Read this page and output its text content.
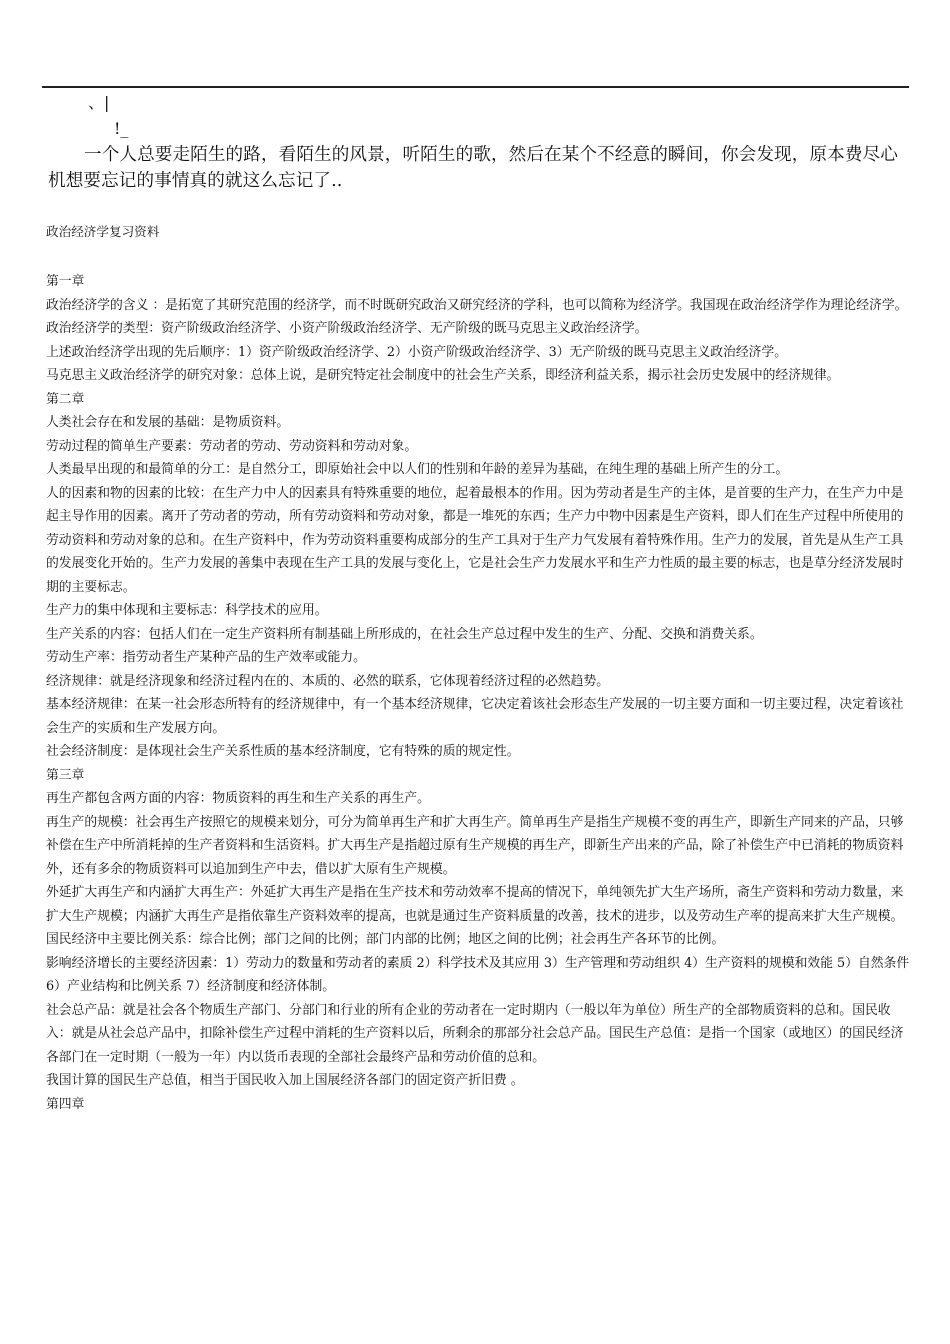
、|
!_

一个人总要走陌生的路，看陌生的风景，听陌生的歌，然后在某个不经意的瞬间，你会发现，原本费尽心机想要忘记的事情真的就这么忘记了..

政治经济学复习资料

第一章

政治经济学的含义 ：是拓宽了其研究范围的经济学，而不时既研究政治又研究经济的学科，也可以简称为经济学。我国现在政治经济学作为理论经济学。

政治经济学的类型：资产阶级政治经济学、小资产阶级政治经济学、无产阶级的既马克思主义政治经济学。

上述政治经济学出现的先后顺序：1）资产阶级政治经济学、2）小资产阶级政治经济学、3）无产阶级的既马克思主义政治经济学。

马克思主义政治经济学的研究对象：总体上说，是研究特定社会制度中的社会生产关系，即经济利益关系，揭示社会历史发展中的经济规律。

第二章

人类社会存在和发展的基础：是物质资料。

劳动过程的简单生产要素：劳动者的劳动、劳动资料和劳动对象。

人类最早出现的和最简单的分工：是自然分工，即原始社会中以人们的性别和年龄的差异为基础，在纯生理的基础上所产生的分工。

人的因素和物的因素的比较：在生产力中人的因素具有特殊重要的地位，起着最根本的作用。因为劳动者是生产的主体，是首要的生产力，在生产力中是起主导作用的因素。离开了劳动者的劳动，所有劳动资料和劳动对象，都是一堆死的东西；生产力中物中因素是生产资料，即人们在生产过程中所使用的劳动资料和劳动对象的总和。在生产资料中，作为劳动资料重要构成部分的生产工具对于生产力气发展有着特殊作用。生产力的发展，首先是从生产工具的发展变化开始的。生产力发展的善集中表现在生产工具的发展与变化上，它是社会生产力发展水平和生产力性质的最主要的标志，也是草分经济发展时期的主要标志。

生产力的集中体现和主要标志：科学技术的应用。

生产关系的内容：包括人们在一定生产资料所有制基础上所形成的，在社会生产总过程中发生的生产、分配、交换和消费关系。

劳动生产率：指劳动者生产某种产品的生产效率或能力。

经济规律：就是经济现象和经济过程内在的、本质的、必然的联系，它体现着经济过程的必然趋势。

基本经济规律：在某一社会形态所特有的经济规律中，有一个基本经济规律，它决定着该社会形态生产发展的一切主要方面和一切主要过程，决定着该社会生产的实质和生产发展方向。

社会经济制度：是体现社会生产关系性质的基本经济制度，它有特殊的质的规定性。

第三章

再生产都包含两方面的内容：物质资料的再生和生产关系的再生产。

再生产的规模：社会再生产按照它的规模来划分，可分为简单再生产和扩大再生产。简单再生产是指生产规模不变的再生产，即新生产同来的产品，只够补偿在生产中所消耗掉的生产者资料和生活资料。扩大再生产是指超过原有生产规模的再生产，即新生产出来的产品，除了补偿生产中已消耗的物质资料外，还有多余的物质资料可以追加到生产中去，借以扩大原有生产规模。

外延扩大再生产和内涵扩大再生产：外延扩大再生产是指在生产技术和劳动效率不提高的情况下，单纯领先扩大生产场所，斋生产资料和劳动力数量，来扩大生产规模；内涵扩大再生产是指依靠生产资料效率的提高，也就是通过生产资料质量的改善，技术的进步，以及劳动生产率的提高来扩大生产规模。

国民经济中主要比例关系：综合比例；部门之间的比例；部门内部的比例；地区之间的比例；社会再生产各环节的比例。

影响经济增长的主要经济因素：1）劳动力的数量和劳动者的素质 2）科学技术及其应用 3）生产管理和劳动组织 4）生产资料的规模和效能 5）自然条件 6）产业结构和比例关系 7）经济制度和经济体制。

社会总产品：就是社会各个物质生产部门、分部门和行业的所有企业的劳动者在一定时期内（一般以年为单位）所生产的全部物质资料的总和。国民收入：就是从社会总产品中，扣除补偿生产过程中消耗的生产资料以后，所剩余的那部分社会总产品。国民生产总值：是指一个国家（或地区）的国民经济各部门在一定时期（一般为一年）内以货币表现的全部社会最终产品和劳动价值的总和。

我国计算的国民生产总值，相当于国民收入加上国展经济各部门的固定资产折旧费 。

第四章
